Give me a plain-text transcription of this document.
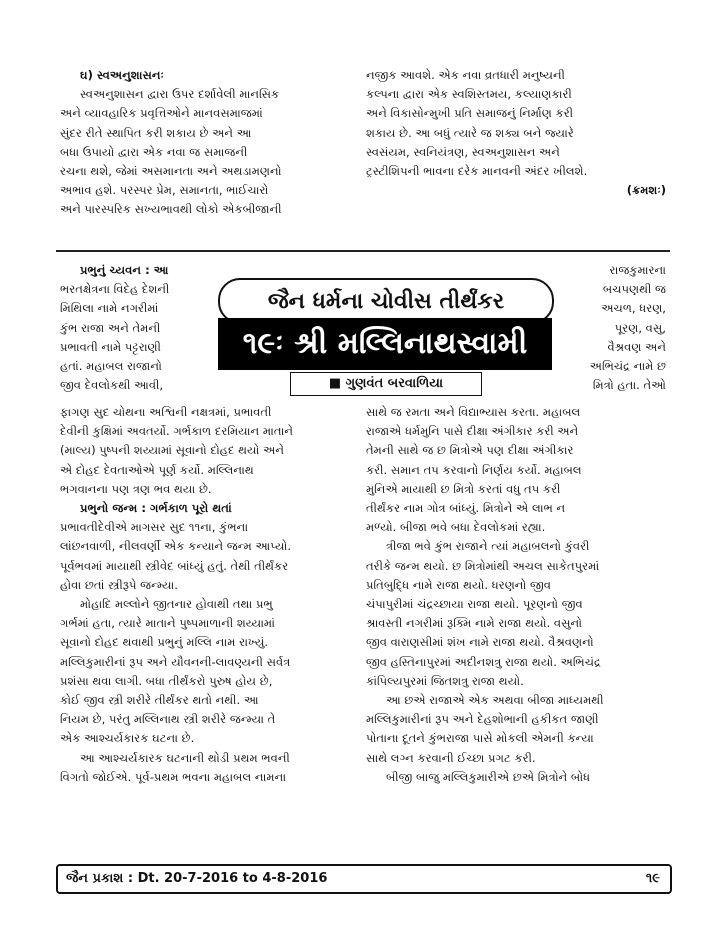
ઘ) સ્વઅનુશાસનઃ

સ્વઅનુશાસન દ્વારા ઉપર દર્શાવેલી માનસિક

અને વ્યાવહારિક પ્રવૃત્તિઓને માનવસમાજમાં

સુંદર રીતે સ્થાપિત કરી શકાય છે અને આ

બધા ઉપાયો દ્વારા એક નવા જ સમાજની

રચના થશે, જેમાં અસમાનતા અને અથડામણનો

અભાવ હશે. પરસ્પર પ્રેમ, સમાનતા, ભાઈચારો

અને પારસ્પરિક સખ્યભાવથી લોકો એકબીજાની

નજીક આવશે. એક નવા વ્રતધારી મનુષ્યની

કલ્પના દ્વારા એક સ્વશિસ્તમય, કલ્યાણકારી

અને વિકાસોન્મુખી પ્રતિ સમાજનું નિર્માણ કરી

શકાય છે. આ બધું ત્યારે જ શક્ય બને જ્યારે

સ્વસંયમ, સ્વનિયંત્રણ, સ્વઅનુશાસન અને

ટ્રસ્ટીશિપની ભાવના દરેક માનવની અંદર ખીલશે.

(ક્રમશઃ)

જૈન ધર્મના ચોવીસ તીર્થંકર
૧૯ઃ શ્રી મલ્લિનાથસ્વામી
■ ગુણવંત બરવાળિયા

પ્રભુનું ચ્યવન : આ

ભરતક્ષેત્રના વિદેહ દેશની

મિથિલા નામે નગરીમાં

કુંભ રાજા અને તેમની

પ્રભાવતી નામે પટ્ટરાણી

હતાં. મહાબલ રાજાનો

જીવ દેવલોકથી આવી,

રાજકુમારના

બચપણથી જ

અચળ, ધરણ,

પૂરણ, વસુ,

વૈશ્રવણ અને

અભિચંદ્ર નામે છ

મિત્રો હતા. તેઓ

ફાગણ સુદ ચોથના અશ્વિની નક્ષત્રમાં, પ્રભાવતી

દેવીની કુક્ષિમાં અવતર્યો. ગર્ભકાળ દરમિયાન માતાને

(માલ્ય) પુષ્પની શય્યામાં સૂવાનો દોહદ થયો અને

એ દોહદ દેવતાઓએ પૂર્ણ કર્યો. મલ્લિનાથ

ભગવાનના પણ ત્રણ ભવ થયા છે.

પ્રભુનો જન્મ : ગર્ભકાળ પૂરો થતાં

પ્રભાવતીદેવીએ માગસર સુદ ૧૧ના, કુંભના

લાંછનવાળી, નીલવર્ણી એક કન્યાને જન્મ આપ્યો.

પૂર્વભવમાં માયાથી સ્ત્રીવેદ બાંધ્યું હતું. તેથી તીર્થંકર

હોવા છતાં સ્ત્રીરૂપે જન્મ્યા.

મોહાદિ મલ્લોને જીતનાર હોવાથી તથા પ્રભુ

ગર્ભમાં હતા, ત્યારે માતાને પુષ્પમાળાની શય્યામાં

સૂવાનો દોહદ થવાથી પ્રભુનું મલ્લિ નામ રાખ્યું.

મલ્લિકુમારીનાં રૂપ અને યૌવનની-લાવણ્યની સર્વત્ર

પ્રશંસા થવા લાગી. બધા તીર્થંકરો પુરુષ હોય છે,

કોઈ જીવ સ્ત્રી શરીરે તીર્થંકર થતો નથી. આ

નિયમ છે, પરંતુ મલ્લિનાથ સ્ત્રી શરીરે જન્મ્યા તે

એક આશ્ચર્યકારક ઘટના છે.

આ આશ્ચર્યકારક ઘટનાની થોડી પ્રથમ ભવની

વિગતો જોઈએ. પૂર્વ-પ્રથમ ભવના મહાબલ નામના

સાથે જ રમતા અને વિદ્યાભ્યાસ કરતા. મહાબલ

રાજાએ ધર્મમુનિ પાસે દીક્ષા અંગીકાર કરી અને

તેમની સાથે જ છ મિત્રોએ પણ દીક્ષા અંગીકાર

કરી. સમાન તપ કરવાનો નિર્ણય કર્યો. મહાબલ

મુનિએ માયાથી છ મિત્રો કરતાં વધુ તપ કરી

તીર્થંકર નામ ગોત્ર બાંધ્યું. મિત્રોને એ લાભ ન

મળ્યો. બીજા ભવે બધા દેવલોકમાં રહ્યા.

ત્રીજા ભવે કુંભ રાજાને ત્યાં મહાબલનો કુંવરી

તરીકે જન્મ થયો. છ મિત્રોમાંથી અચલ સાકેતપુરમાં

પ્રતિબુદ્ધિ નામે રાજા થયો. ધરણનો જીવ

ચંપાપુરીમાં ચંદ્રચ્છાયા રાજા થયો. પૂરણનો જીવ

શ્રાવસ્તી નગરીમાં રૂક્મિ નામે રાજા થયો. વસુનો

જીવ વારાણસીમાં શંખ નામે રાજા થયો. વૈશ્રવણનો

જીવ હસ્તિનાપુરમાં અદીનશત્રુ રાજા થયો. અભિચંદ્ર

કાંપિલ્યપુરમાં જિતશત્રુ રાજા થયો.

આ છએ રાજાએ એક અથવા બીજા માધ્યમથી

મલ્લિકુમારીનાં રૂપ અને દેહશોભાની હકીકત જાણી

પોતાના દૂતને કુંભરાજા પાસે મોકલી એમની કન્યા

સાથે લગ્ન કરવાની ઈચ્છા પ્રગટ કરી.

બીજી બાજુ મલ્લિકુમારીએ છએ મિત્રોને બોધ

જૈન પ્રકાશ : Dt. 20-7-2016 to 4-8-2016	૧૯
